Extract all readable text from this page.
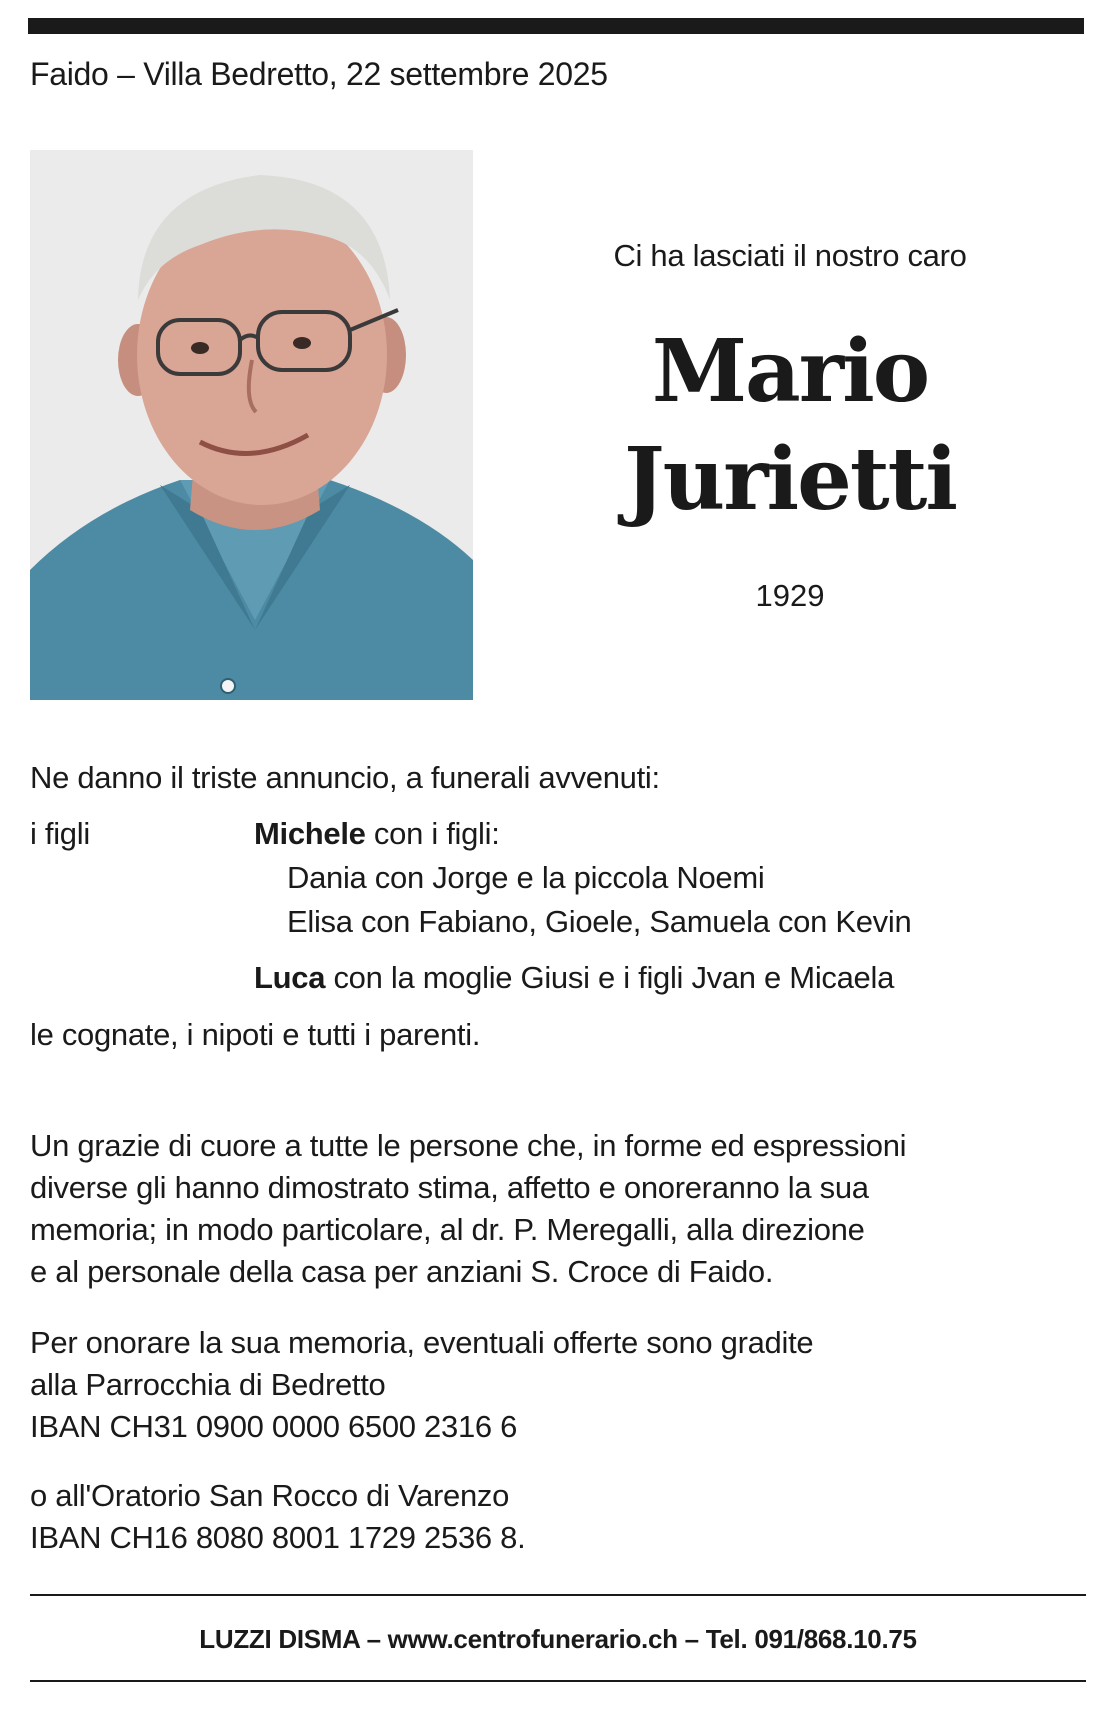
Faido – Villa Bedretto, 22 settembre 2025
Ci ha lasciati il nostro caro
Mario
Jurietti
1929
Ne danno il triste annuncio, a funerali avvenuti:
i figli	Michele con i figli:
Dania con Jorge e la piccola Noemi
Elisa con Fabiano, Gioele, Samuela con Kevin
Luca con la moglie Giusi e i figli Jvan e Micaela
le cognate, i nipoti e tutti i parenti.
Un grazie di cuore a tutte le persone che, in forme ed espressioni
diverse gli hanno dimostrato stima, affetto e onoreranno la sua
memoria; in modo particolare, al dr. P. Meregalli, alla direzione
e al personale della casa per anziani S. Croce di Faido.
Per onorare la sua memoria, eventuali offerte sono gradite
alla Parrocchia di Bedretto
IBAN CH31 0900 0000 6500 2316 6
o all'Oratorio San Rocco di Varenzo
IBAN CH16 8080 8001 1729 2536 8.
LUZZI DISMA – www.centrofunerario.ch – Tel. 091/868.10.75
